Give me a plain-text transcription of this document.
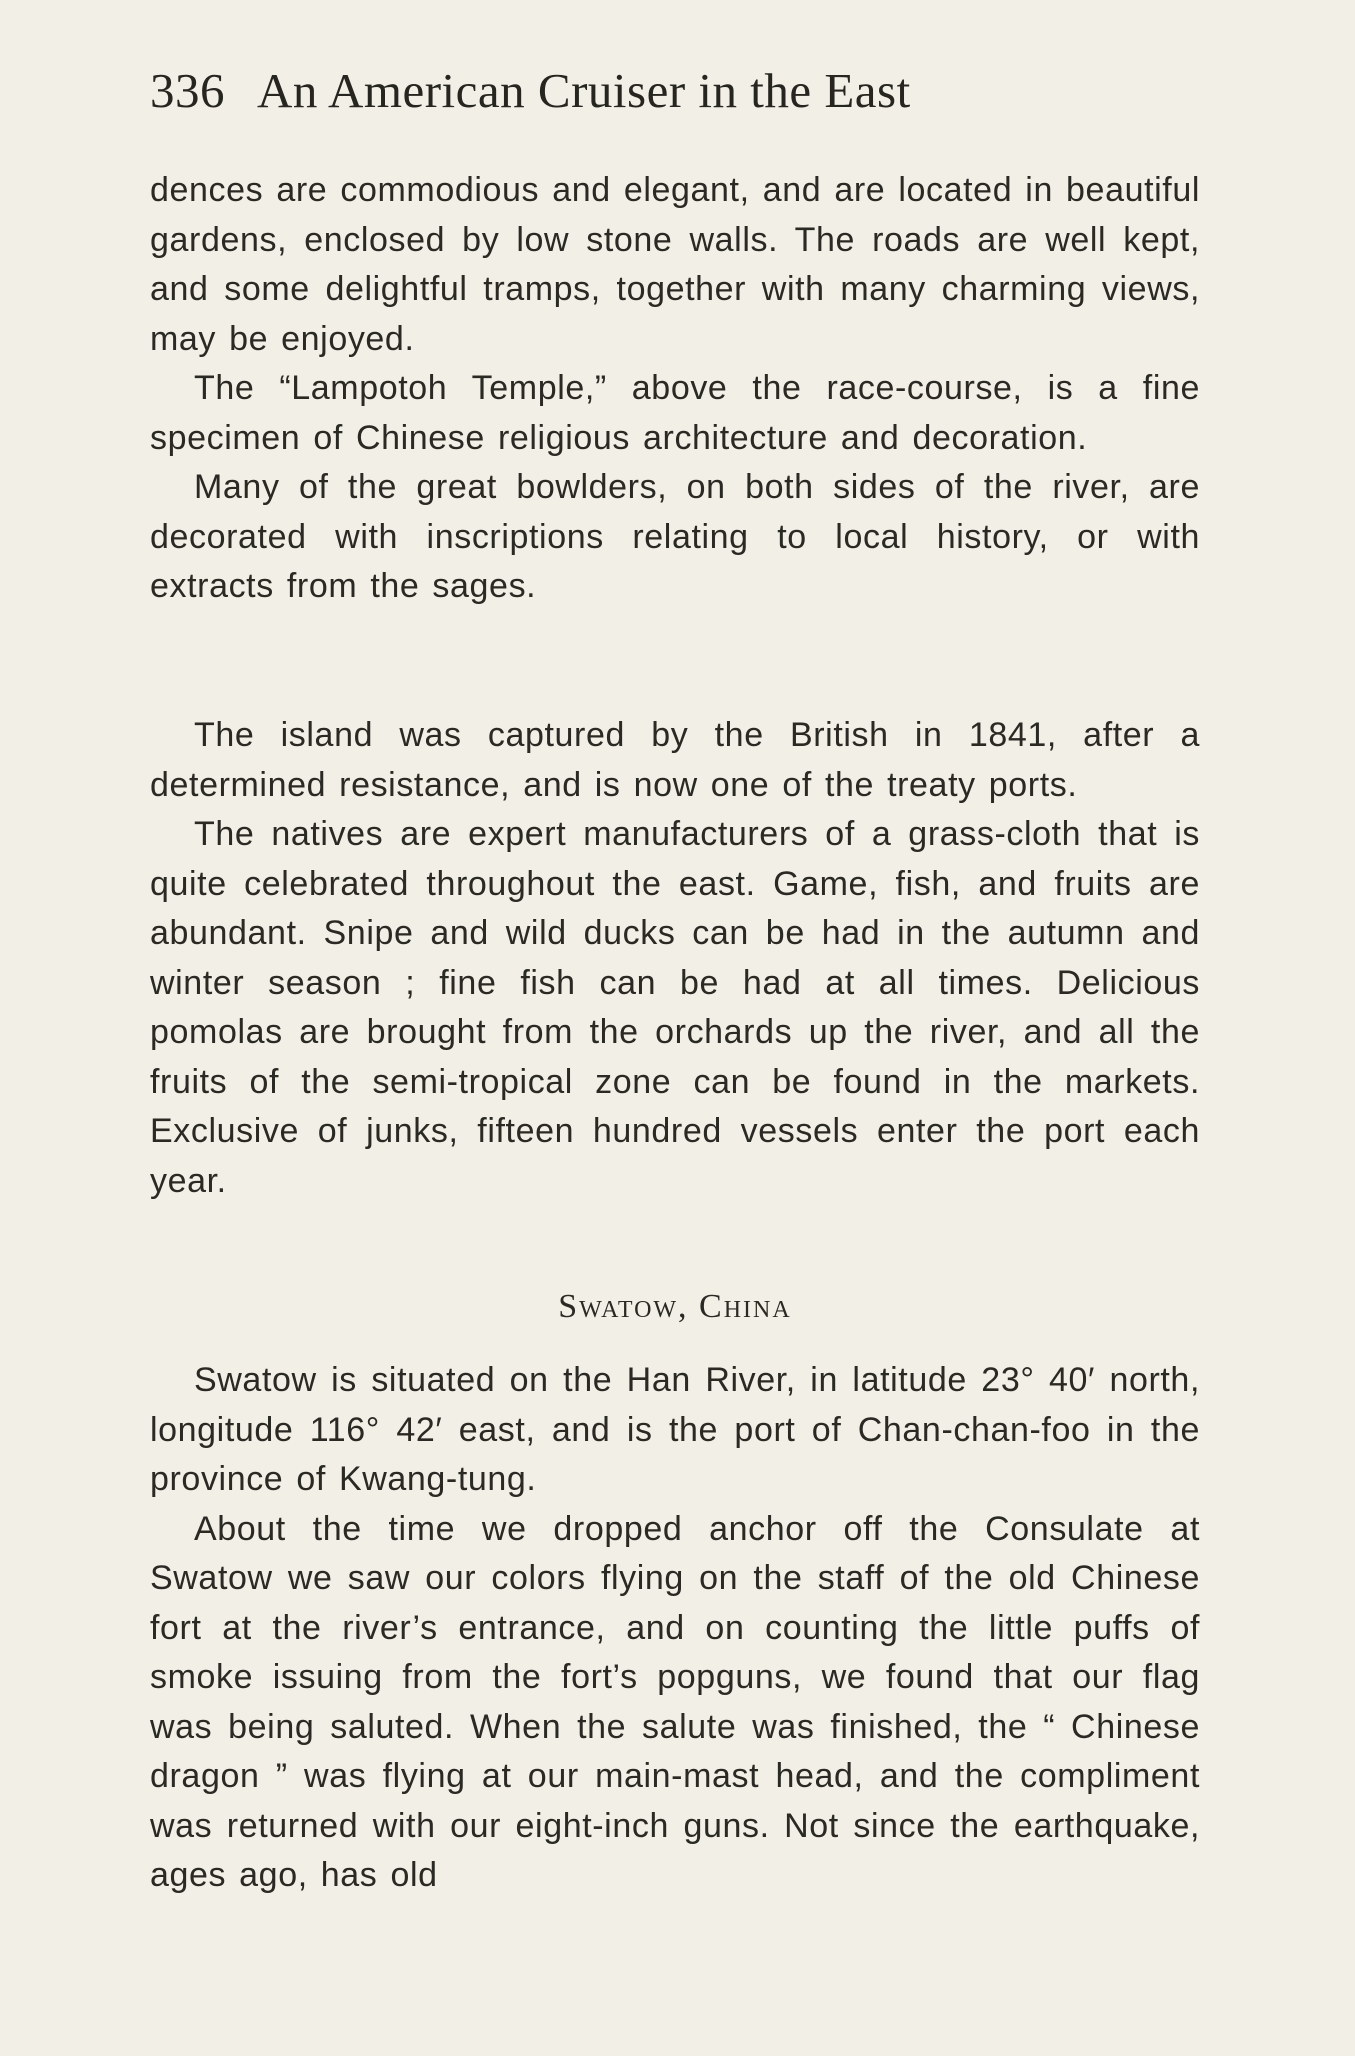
336 An American Cruiser in the East

dences are commodious and elegant, and are located in beautiful gardens, enclosed by low stone walls. The roads are well kept, and some delightful tramps, together with many charming views, may be enjoyed.

The “Lampotoh Temple,” above the race-course, is a fine specimen of Chinese religious architecture and decoration.

Many of the great bowlders, on both sides of the river, are decorated with inscriptions relating to local history, or with extracts from the sages.

The island was captured by the British in 1841, after a determined resistance, and is now one of the treaty ports.

The natives are expert manufacturers of a grass-cloth that is quite celebrated throughout the east. Game, fish, and fruits are abundant. Snipe and wild ducks can be had in the autumn and winter season ; fine fish can be had at all times. Delicious pomolas are brought from the orchards up the river, and all the fruits of the semi-tropical zone can be found in the markets. Exclusive of junks, fifteen hundred vessels enter the port each year.

Swatow, China

Swatow is situated on the Han River, in latitude 23° 40′ north, longitude 116° 42′ east, and is the port of Chan-chan-foo in the province of Kwang-tung.

About the time we dropped anchor off the Consulate at Swatow we saw our colors flying on the staff of the old Chinese fort at the river’s entrance, and on counting the little puffs of smoke issuing from the fort’s popguns, we found that our flag was being saluted. When the salute was finished, the “ Chinese dragon ” was flying at our main-mast head, and the compliment was returned with our eight-inch guns. Not since the earthquake, ages ago, has old
